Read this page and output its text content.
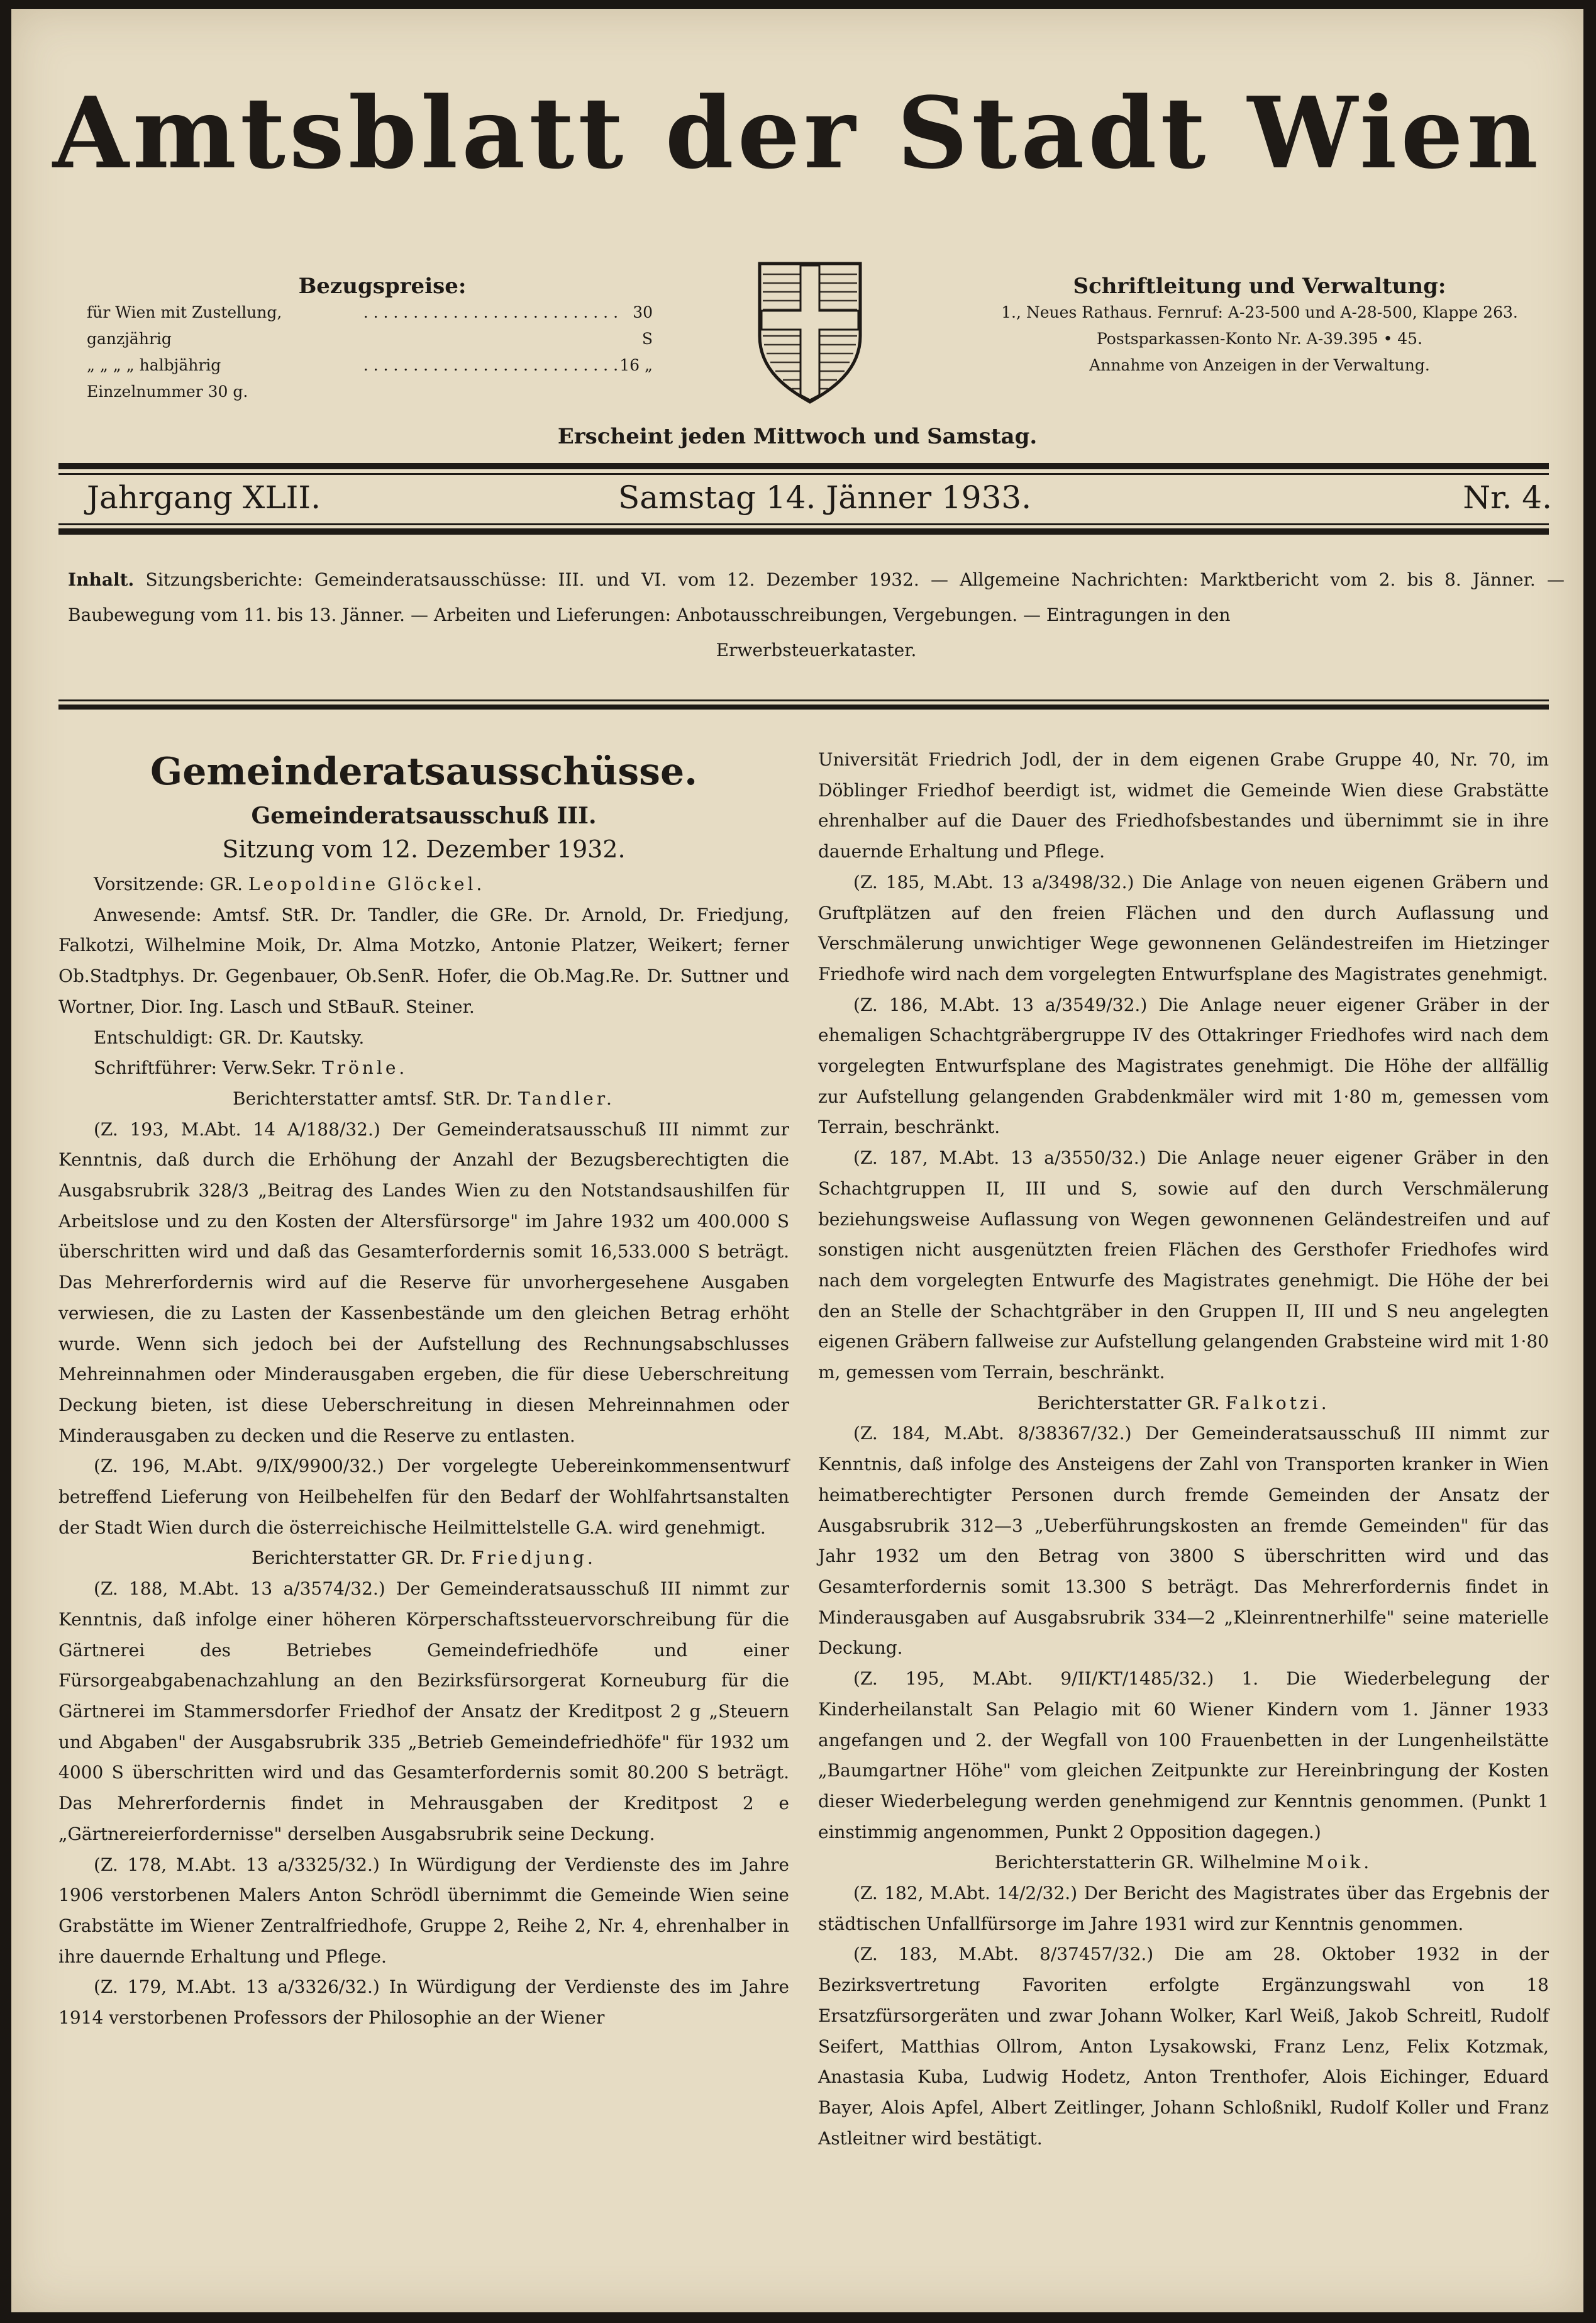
Amtsblatt der Stadt Wien
Bezugspreise:
für Wien mit Zustellung, ganzjährig
. . . . . . . . . . . . . . . . . . . . . . . . . . 30 S
„ „ „ „ halbjährig	. . . . . . . . . . . . . . . . . . . . . . . . . . 16 „
Einzelnummer 30 g.
Schriftleitung und Verwaltung:
1., Neues Rathaus. Fernruf: A-23-500 und A-28-500, Klappe 263.
Postsparkassen-Konto Nr. A-39.395 • 45.
Annahme von Anzeigen in der Verwaltung.
Erscheint jeden Mittwoch und Samstag.
Jahrgang XLII.	Samstag 14. Jänner 1933.	Nr. 4.
Inhalt. Sitzungsberichte: Gemeinderatsausschüsse: III. und VI. vom 12. Dezember 1932. — Allgemeine Nachrichten: Marktbericht vom 2. bis 8. Jänner. — Baubewegung vom 11. bis 13. Jänner. — Arbeiten und Lieferungen: Anbotausschreibungen, Vergebungen. — Eintragungen in den
Erwerbsteuerkataster.
Gemeinderatsausschüsse.
Gemeinderatsausschuß III.
Sitzung vom 12. Dezember 1932.

Vorsitzende: GR. Leopoldine Glöckel.

Anwesende: Amtsf. StR. Dr. Tandler, die GRe. Dr. Arnold, Dr. Friedjung, Falkotzi, Wilhelmine Moik, Dr. Alma Motzko, Antonie Platzer, Weikert; ferner Ob.Stadtphys. Dr. Gegenbauer, Ob.SenR. Hofer, die Ob.Mag.Re. Dr. Suttner und Wortner, Dior. Ing. Lasch und StBauR. Steiner.

Entschuldigt: GR. Dr. Kautsky.

Schriftführer: Verw.Sekr. Trönle.

Berichterstatter amtsf. StR. Dr. Tandler.

(Z. 193, M.Abt. 14 A/188/32.) Der Gemeinderatsausschuß III nimmt zur Kenntnis, daß durch die Erhöhung der Anzahl der Bezugsberechtigten die Ausgabsrubrik 328/3 „Beitrag des Landes Wien zu den Notstandsaushilfen für Arbeitslose und zu den Kosten der Altersfürsorge" im Jahre 1932 um 400.000 S überschritten wird und daß das Gesamterfordernis somit 16,533.000 S beträgt. Das Mehrerfordernis wird auf die Reserve für unvorhergesehene Ausgaben verwiesen, die zu Lasten der Kassenbestände um den gleichen Betrag erhöht wurde. Wenn sich jedoch bei der Aufstellung des Rechnungsabschlusses Mehreinnahmen oder Minderausgaben ergeben, die für diese Ueberschreitung Deckung bieten, ist diese Ueberschreitung in diesen Mehreinnahmen oder Minderausgaben zu decken und die Reserve zu entlasten.

(Z. 196, M.Abt. 9/IX/9900/32.) Der vorgelegte Uebereinkommensentwurf betreffend Lieferung von Heilbehelfen für den Bedarf der Wohlfahrtsanstalten der Stadt Wien durch die österreichische Heilmittelstelle G.A. wird genehmigt.

Berichterstatter GR. Dr. Friedjung.

(Z. 188, M.Abt. 13 a/3574/32.) Der Gemeinderatsausschuß III nimmt zur Kenntnis, daß infolge einer höheren Körperschaftssteuervorschreibung für die Gärtnerei des Betriebes Gemeindefriedhöfe und einer Fürsorgeabgabenachzahlung an den Bezirksfürsorgerat Korneuburg für die Gärtnerei im Stammersdorfer Friedhof der Ansatz der Kreditpost 2 g „Steuern und Abgaben" der Ausgabsrubrik 335 „Betrieb Gemeindefriedhöfe" für 1932 um 4000 S überschritten wird und das Gesamterfordernis somit 80.200 S beträgt. Das Mehrerfordernis findet in Mehrausgaben der Kreditpost 2 e „Gärtnereierfordernisse" derselben Ausgabsrubrik seine Deckung.

(Z. 178, M.Abt. 13 a/3325/32.) In Würdigung der Verdienste des im Jahre 1906 verstorbenen Malers Anton Schrödl übernimmt die Gemeinde Wien seine Grabstätte im Wiener Zentralfriedhofe, Gruppe 2, Reihe 2, Nr. 4, ehrenhalber in ihre dauernde Erhaltung und Pflege.

(Z. 179, M.Abt. 13 a/3326/32.) In Würdigung der Verdienste des im Jahre 1914 verstorbenen Professors der Philosophie an der Wiener

Universität Friedrich Jodl, der in dem eigenen Grabe Gruppe 40, Nr. 70, im Döblinger Friedhof beerdigt ist, widmet die Gemeinde Wien diese Grabstätte ehrenhalber auf die Dauer des Friedhofsbestandes und übernimmt sie in ihre dauernde Erhaltung und Pflege.

(Z. 185, M.Abt. 13 a/3498/32.) Die Anlage von neuen eigenen Gräbern und Gruftplätzen auf den freien Flächen und den durch Auflassung und Verschmälerung unwichtiger Wege gewonnenen Geländestreifen im Hietzinger Friedhofe wird nach dem vorgelegten Entwurfsplane des Magistrates genehmigt.

(Z. 186, M.Abt. 13 a/3549/32.) Die Anlage neuer eigener Gräber in der ehemaligen Schachtgräbergruppe IV des Ottakringer Friedhofes wird nach dem vorgelegten Entwurfsplane des Magistrates genehmigt. Die Höhe der allfällig zur Aufstellung gelangenden Grabdenkmäler wird mit 1·80 m, gemessen vom Terrain, beschränkt.

(Z. 187, M.Abt. 13 a/3550/32.) Die Anlage neuer eigener Gräber in den Schachtgruppen II, III und S, sowie auf den durch Verschmälerung beziehungsweise Auflassung von Wegen gewonnenen Geländestreifen und auf sonstigen nicht ausgenützten freien Flächen des Gersthofer Friedhofes wird nach dem vorgelegten Entwurfe des Magistrates genehmigt. Die Höhe der bei den an Stelle der Schachtgräber in den Gruppen II, III und S neu angelegten eigenen Gräbern fallweise zur Aufstellung gelangenden Grabsteine wird mit 1·80 m, gemessen vom Terrain, beschränkt.

Berichterstatter GR. Falkotzi.

(Z. 184, M.Abt. 8/38367/32.) Der Gemeinderatsausschuß III nimmt zur Kenntnis, daß infolge des Ansteigens der Zahl von Transporten kranker in Wien heimatberechtigter Personen durch fremde Gemeinden der Ansatz der Ausgabsrubrik 312—3 „Ueberführungskosten an fremde Gemeinden" für das Jahr 1932 um den Betrag von 3800 S überschritten wird und das Gesamterfordernis somit 13.300 S beträgt. Das Mehrerfordernis findet in Minderausgaben auf Ausgabsrubrik 334—2 „Kleinrentnerhilfe" seine materielle Deckung.

(Z. 195, M.Abt. 9/II/KT/1485/32.) 1. Die Wiederbelegung der Kinderheilanstalt San Pelagio mit 60 Wiener Kindern vom 1. Jänner 1933 angefangen und 2. der Wegfall von 100 Frauenbetten in der Lungenheilstätte „Baumgartner Höhe" vom gleichen Zeitpunkte zur Hereinbringung der Kosten dieser Wiederbelegung werden genehmigend zur Kenntnis genommen. (Punkt 1 einstimmig angenommen, Punkt 2 Opposition dagegen.)

Berichterstatterin GR. Wilhelmine Moik.

(Z. 182, M.Abt. 14/2/32.) Der Bericht des Magistrates über das Ergebnis der städtischen Unfallfürsorge im Jahre 1931 wird zur Kenntnis genommen.

(Z. 183, M.Abt. 8/37457/32.) Die am 28. Oktober 1932 in der Bezirksvertretung Favoriten erfolgte Ergänzungswahl von 18 Ersatzfürsorgeräten und zwar Johann Wolker, Karl Weiß, Jakob Schreitl, Rudolf Seifert, Matthias Ollrom, Anton Lysakowski, Franz Lenz, Felix Kotzmak, Anastasia Kuba, Ludwig Hodetz, Anton Trenthofer, Alois Eichinger, Eduard Bayer, Alois Apfel, Albert Zeitlinger, Johann Schloßnikl, Rudolf Koller und Franz Astleitner wird bestätigt.
